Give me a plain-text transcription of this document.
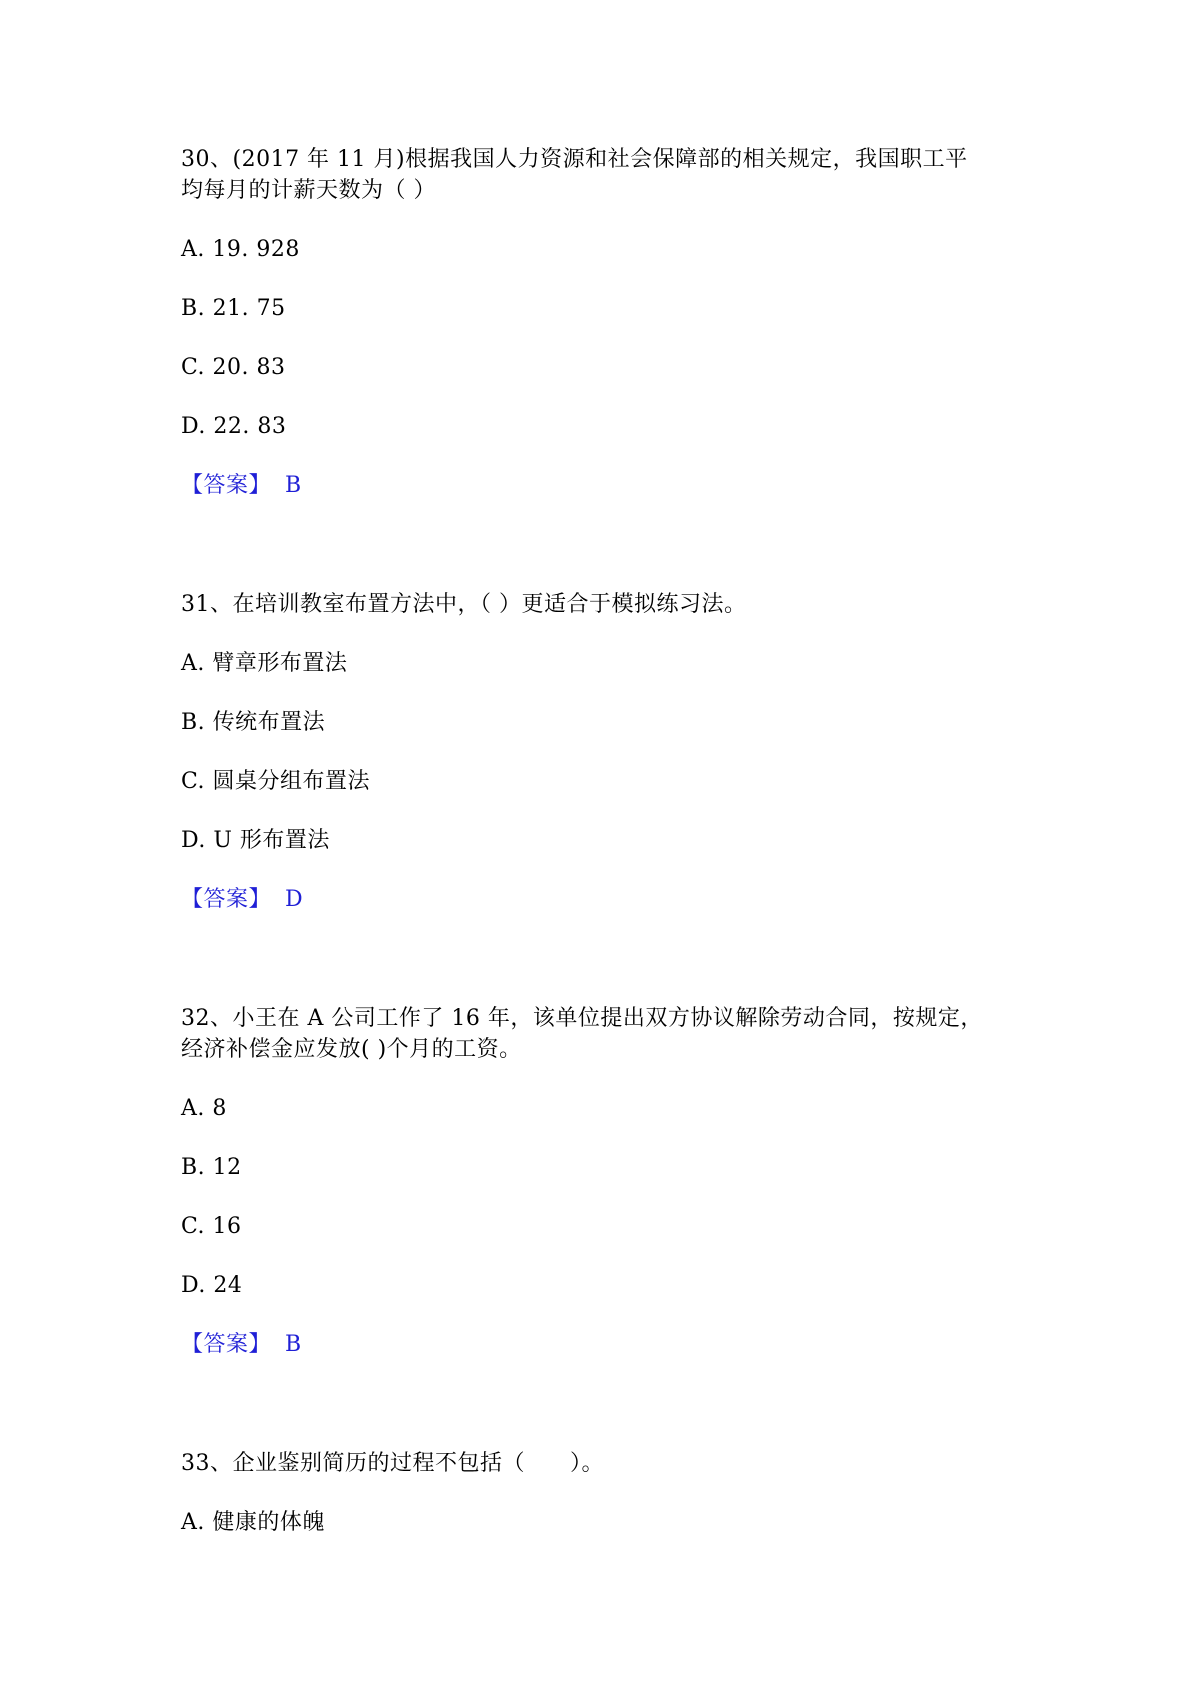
30、(2017 年 11 月)根据我国人力资源和社会保障部的相关规定，我国职工平
均每月的计薪天数为（ ）
A. 19. 928
B. 21. 75
C. 20. 83
D. 22. 83
【答案】 B
31、在培训教室布置方法中，（ ）更适合于模拟练习法。
A. 臂章形布置法
B. 传统布置法
C. 圆桌分组布置法
D. U 形布置法
【答案】 D
32、小王在 A 公司工作了 16 年，该单位提出双方协议解除劳动合同，按规定，
经济补偿金应发放( )个月的工资。
A. 8
B. 12
C. 16
D. 24
【答案】 B
33、企业鉴别简历的过程不包括（　　）。
A. 健康的体魄
